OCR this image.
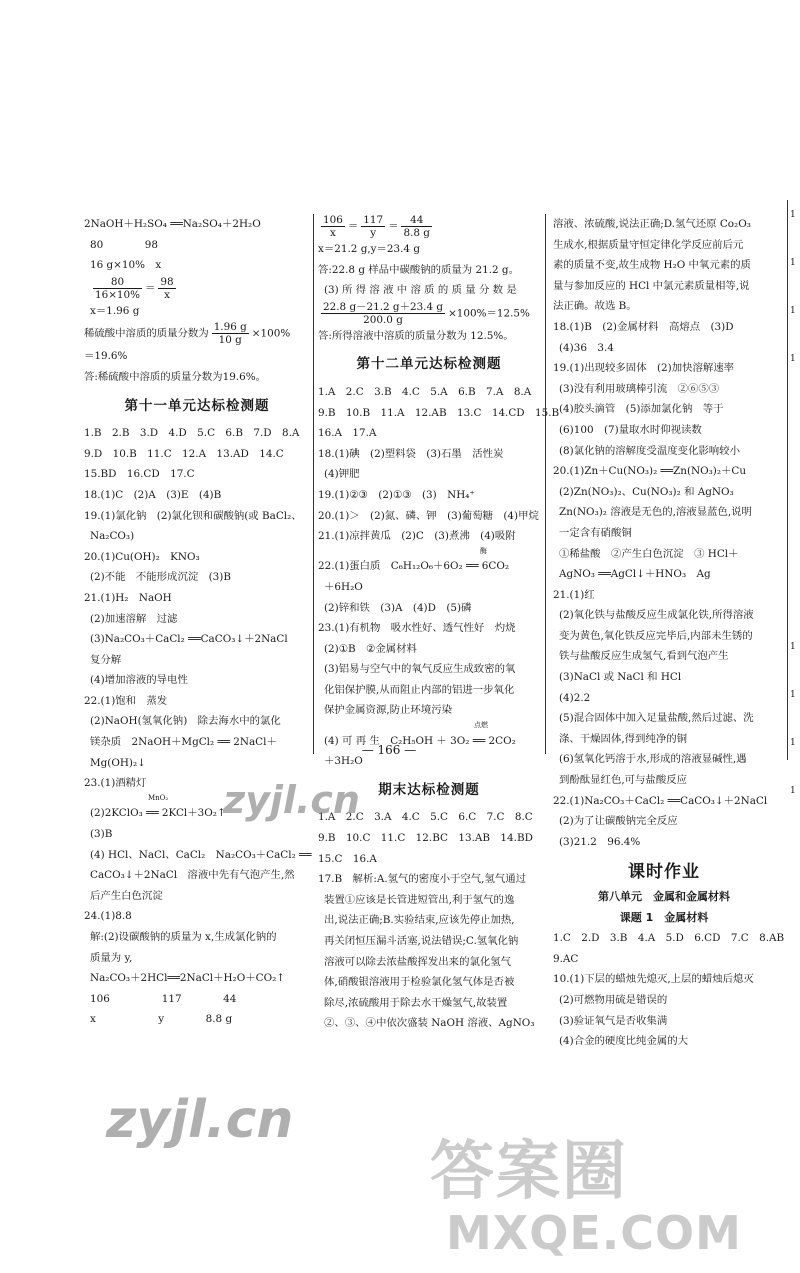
2NaOH＋H₂SO₄ ══Na₂SO₄＋2H₂O
80　　　　98
16 g×10%　x
$\frac{80}{16\times 10\%} = \frac{98}{x}$
x＝1.96 g
稀硫酸中溶质的质量分数为 $\frac{1.96 g}{10 g} \times 100\%$
＝19.6%
答:稀硫酸中溶质的质量分数为19.6%。
第十一单元达标检测题
1.B　2.B　3.D　4.D　5.C　6.B　7.D　8.A
9.D　10.B　11.C　12.A　13.AD　14.C
15.BD　16.CD　17.C
18.(1)C　(2)A　(3)E　(4)B
19.(1)氯化钠　(2)氯化钡和碳酸钠(或 BaCl₂、
Na₂CO₃)
20.(1)Cu(OH)₂　KNO₃
(2)不能　不能形成沉淀　(3)B
21.(1)H₂　NaOH
(2)加速溶解　过滤
(3)Na₂CO₃＋CaCl₂ ══CaCO₃↓＋2NaCl
复分解
(4)增加溶液的导电性
22.(1)饱和　蒸发
(2)NaOH(氢氧化钠)　除去海水中的氯化
镁杂质　2NaOH＋MgCl₂ ══ 2NaCl＋
Mg(OH)₂↓
23.(1)酒精灯
$^{MnO_2}$
(2)2KClO₃ ══ 2KCl＋3O₂↑
(3)B
(4) HCl、NaCl、CaCl₂　Na₂CO₃＋CaCl₂ ══
CaCO₃↓＋2NaCl　溶液中先有气泡产生,然
后产生白色沉淀
24.(1)8.8
解:(2)设碳酸钠的质量为 x,生成氯化钠的
质量为 y,
Na₂CO₃＋2HCl══2NaCl＋H₂O＋CO₂↑
106　　　　　117　　　　44
x　　　　　　y　　　　8.8 g
$\frac{106}{x} = \frac{117}{y} = \frac{44}{8.8 g}$
x＝21.2 g,y＝23.4 g
答:22.8 g 样品中碳酸钠的质量为 21.2 g。
(3) 所 得 溶 液 中 溶 质 的 质 量 分 数 是
$\frac{22.8 g-21.2 g+23.4 g}{200.0 g} \times 100\%=12.5\%$
答:所得溶液中溶质的质量分数为 12.5%。
第十二单元达标检测题
1.A　2.C　3.B　4.C　5.A　6.B　7.A　8.A
9.B　10.B　11.A　12.AB　13.C　14.CD　15.B
16.A　17.A
18.(1)碘　(2)塑料袋　(3)石墨　活性炭
(4)钾肥
19.(1)②③　(2)①③　(3)　NH₄⁺
20.(1)＞　(2)氮、磷、钾　(3)葡萄糖　(4)甲烷
21.(1)凉拌黄瓜　(2)C　(3)煮沸　(4)吸附
$^酶$
22.(1)蛋白质　C₆H₁₂O₆＋6O₂ ══ 6CO₂
＋6H₂O
(2)锌和铁　(3)A　(4)D　(5)磷
23.(1)有机物　吸水性好、透气性好　灼烧
(2)①B　②金属材料
(3)铝易与空气中的氧气反应生成致密的氧
化铝保护膜,从而阻止内部的铝进一步氧化
保护金属资源,防止环境污染
$^{点燃}$
(4) 可 再 生　C₂H₅OH ＋ 3O₂ ══ 2CO₂
＋3H₂O
期末达标检测题
1.A　2.C　3.A　4.C　5.C　6.C　7.C　8.C
9.B　10.C　11.C　12.BC　13.AB　14.BD
15.C　16.A
17.B　解析:A.氢气的密度小于空气,氢气通过
装置①应该是长管进短管出,利于氢气的逸
出,说法正确;B.实验结束,应该先停止加热,
再关闭恒压漏斗活塞,说法错误;C.氢氧化钠
溶液可以除去浓盐酸挥发出来的氯化氢气
体,硝酸银溶液用于检验氯化氢气体是否被
除尽,浓硫酸用于除去水干燥氢气,故装置
②、③、④中依次盛装 NaOH 溶液、AgNO₃
溶液、浓硫酸,说法正确;D.氢气还原 Co₂O₃
生成水,根据质量守恒定律化学反应前后元
素的质量不变,故生成物 H₂O 中氧元素的质
量与参加反应的 HCl 中氯元素质量相等,说
法正确。故选 B。
18.(1)B　(2)金属材料　高熔点　(3)D
(4)36　3.4
19.(1)出现较多固体　(2)加快溶解速率
(3)没有利用玻璃棒引流　②⑥⑤③
(4)胶头滴管　(5)添加氯化钠　等于
(6)100　(7)量取水时仰视读数
(8)氯化钠的溶解度受温度变化影响较小
20.(1)Zn＋Cu(NO₃)₂ ══Zn(NO₃)₂＋Cu
(2)Zn(NO₃)₂、Cu(NO₃)₂ 和 AgNO₃
Zn(NO₃)₂ 溶液是无色的,溶液显蓝色,说明
一定含有硝酸铜
①稀盐酸　②产生白色沉淀　③ HCl＋
AgNO₃ ══AgCl↓＋HNO₃　Ag
21.(1)红
(2)氧化铁与盐酸反应生成氯化铁,所得溶液
变为黄色,氧化铁反应完毕后,内部未生锈的
铁与盐酸反应生成氢气,看到气泡产生
(3)NaCl 或 NaCl 和 HCl
(4)2.2
(5)混合固体中加入足量盐酸,然后过滤、洗
涤、干燥固体,得到纯净的铜
(6)氢氧化钙溶于水,形成的溶液显碱性,遇
到酚酞显红色,可与盐酸反应
22.(1)Na₂CO₃＋CaCl₂ ══CaCO₃↓＋2NaCl
(2)为了让碳酸钠完全反应
(3)21.2　96.4%
课时作业
第八单元　金属和金属材料
课题 1　金属材料
1.C　2.D　3.B　4.A　5.D　6.CD　7.C　8.AB
9.AC
10.(1)下层的蜡烛先熄灭,上层的蜡烛后熄灭
(2)可燃物用硫是错误的
(3)验证氧气是否收集满
(4)合金的硬度比纯金属的大
— 166 —
1
1
1
1
1
1
1
1
zyjl.cn
zyjl.cn
答案圈
MXQE.COM
